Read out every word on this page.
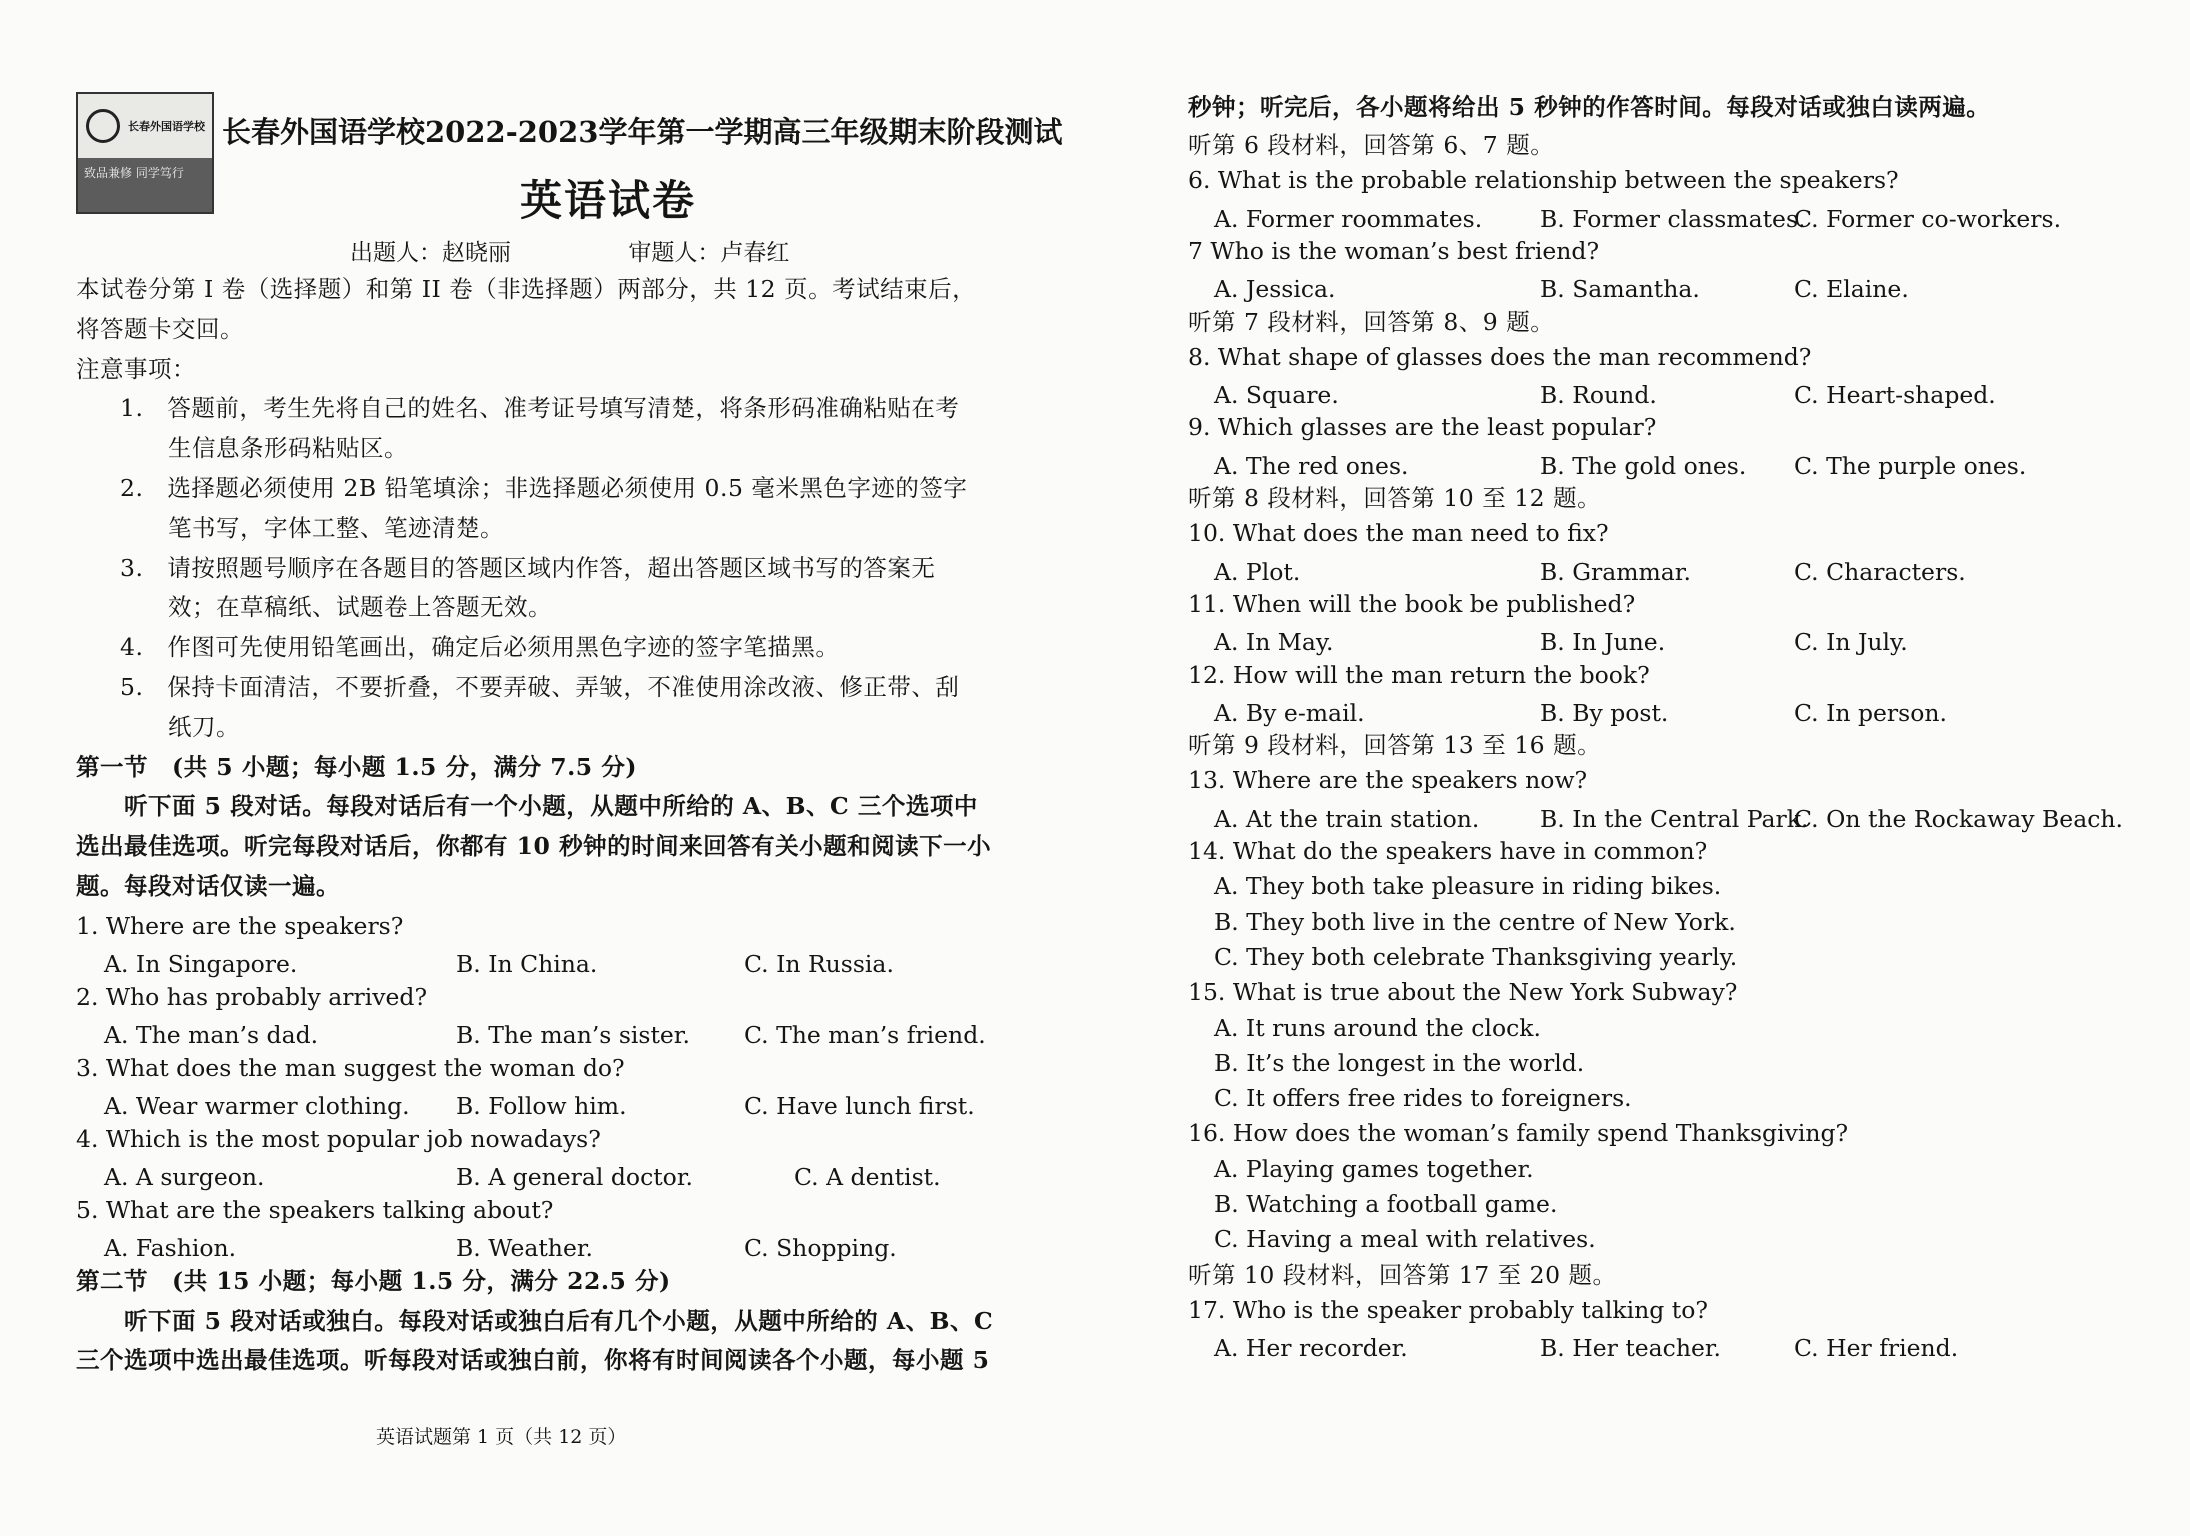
长春外国语学校
致品兼修 同学笃行
长春外国语学校2022-2023学年第一学期高三年级期末阶段测试
英语试卷
出题人：赵晓丽	审题人：卢春红
本试卷分第 I 卷（选择题）和第 II 卷（非选择题）两部分，共 12 页。考试结束后，
将答题卡交回。
注意事项：
1.　答题前，考生先将自己的姓名、准考证号填写清楚，将条形码准确粘贴在考
　　生信息条形码粘贴区。
2.　选择题必须使用 2B 铅笔填涂；非选择题必须使用 0.5 毫米黑色字迹的签字
　　笔书写，字体工整、笔迹清楚。
3.　请按照题号顺序在各题目的答题区域内作答，超出答题区域书写的答案无
　　效；在草稿纸、试题卷上答题无效。
4.　作图可先使用铅笔画出，确定后必须用黑色字迹的签字笔描黑。
5.　保持卡面清洁，不要折叠，不要弄破、弄皱，不准使用涂改液、修正带、刮
　　纸刀。
第一节　(共 5 小题；每小题 1.5 分，满分 7.5 分)
　　听下面 5 段对话。每段对话后有一个小题，从题中所给的 A、B、C 三个选项中
选出最佳选项。听完每段对话后，你都有 10 秒钟的时间来回答有关小题和阅读下一小
题。每段对话仅读一遍。
1. Where are the speakers?
A. In Singapore.	B. In China.	C. In Russia.
2. Who has probably arrived?
A. The man’s dad.	B. The man’s sister. C. The man’s friend.
3. What does the man suggest the woman do?
A. Wear warmer clothing. B. Follow him.	C. Have lunch first.
4. Which is the most popular job nowadays?
A. A surgeon.	B. A general doctor.	C. A dentist.
5. What are the speakers talking about?
A. Fashion.	B. Weather.	C. Shopping.
第二节　(共 15 小题；每小题 1.5 分，满分 22.5 分)
　　听下面 5 段对话或独白。每段对话或独白后有几个小题，从题中所给的 A、B、C
三个选项中选出最佳选项。听每段对话或独白前，你将有时间阅读各个小题，每小题 5
秒钟；听完后，各小题将给出 5 秒钟的作答时间。每段对话或独白读两遍。
听第 6 段材料，回答第 6、7 题。
6. What is the probable relationship between the speakers?
A. Former roommates. B. Former classmates.
C. Former co-workers.
7 Who is the woman’s best friend?
A. Jessica.	B. Samantha.	C. Elaine.
听第 7 段材料，回答第 8、9 题。
8. What shape of glasses does the man recommend?
A. Square.	B. Round.	C. Heart-shaped.
9. Which glasses are the least popular?
A. The red ones.	B. The gold ones. C. The purple ones.
听第 8 段材料，回答第 10 至 12 题。
10. What does the man need to fix?
A. Plot.	B. Grammar.	C. Characters.
11. When will the book be published?
A. In May.	B. In June.	C. In July.
12. How will the man return the book?
A. By e-mail.	B. By post.	C. In person.
听第 9 段材料，回答第 13 至 16 题。
13. Where are the speakers now?
A. At the train station.	B. In the Central Park.
C. On the Rockaway Beach.
14. What do the speakers have in common?
A. They both take pleasure in riding bikes.
B. They both live in the centre of New York.
C. They both celebrate Thanksgiving yearly.
15. What is true about the New York Subway?
A. It runs around the clock.
B. It’s the longest in the world.
C. It offers free rides to foreigners.
16. How does the woman’s family spend Thanksgiving?
A. Playing games together.
B. Watching a football game.
C. Having a meal with relatives.
听第 10 段材料，回答第 17 至 20 题。
17. Who is the speaker probably talking to?
A. Her recorder.	B. Her teacher.	C. Her friend.
英语试题第 1 页（共 12 页）
